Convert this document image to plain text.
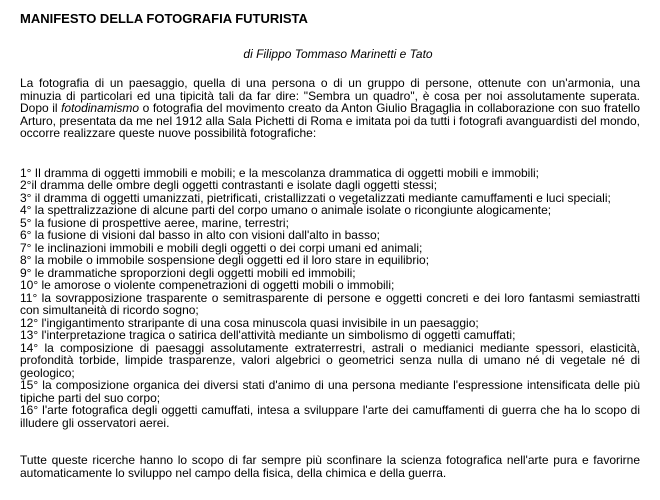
MANIFESTO DELLA FOTOGRAFIA FUTURISTA

di Filippo Tommaso Marinetti e Tato

La fotografia di un paesaggio, quella di una persona o di un gruppo di persone, ottenute con un'armonia, una minuzia di particolari ed una tipicità tali da far dire: "Sembra un quadro", è cosa per noi assolutamente superata. Dopo il fotodinamismo o fotografia del movimento creato da Anton Giulio Bragaglia in collaborazione con suo fratello Arturo, presentata da me nel 1912 alla Sala Pichetti di Roma e imitata poi da tutti i fotografi avanguardisti del mondo, occorre realizzare queste nuove possibilità fotografiche:

1° Il dramma di oggetti immobili e mobili; e la mescolanza drammatica di oggetti mobili e immobili;

2°il dramma delle ombre degli oggetti contrastanti e isolate dagli oggetti stessi;

3° il dramma di oggetti umanizzati, pietrificati, cristallizzati o vegetalizzati mediante camuffamenti e luci speciali;

4° la spettralizzazione di alcune parti del corpo umano o animale isolate o ricongiunte alogicamente;

5° la fusione di prospettive aeree, marine, terrestri;

6° la fusione di visioni dal basso in alto con visioni dall'alto in basso;

7° le inclinazioni immobili e mobili degli oggetti o dei corpi umani ed animali;

8° la mobile o immobile sospensione degli oggetti ed il loro stare in equilibrio;

9° le drammatiche sproporzioni degli oggetti mobili ed immobili;

10° le amorose o violente compenetrazioni di oggetti mobili o immobili;

11° la sovrapposizione trasparente o semitrasparente di persone e oggetti concreti e dei loro fantasmi semiastratti con simultaneità di ricordo sogno;

12° l'ingigantimento straripante di una cosa minuscola quasi invisibile in un paesaggio;

13° l'interpretazione tragica o satirica dell'attività mediante un simbolismo di oggetti camuffati;

14° la composizione di paesaggi assolutamente extraterrestri, astrali o medianici mediante spessori, elasticità, profondità torbide, limpide trasparenze, valori algebrici o geometrici senza nulla di umano né di vegetale né di geologico;

15° la composizione organica dei diversi stati d'animo di una persona mediante l'espressione intensificata delle più tipiche parti del suo corpo;

16° l'arte fotografica degli oggetti camuffati, intesa a sviluppare l'arte dei camuffamenti di guerra che ha lo scopo di illudere gli osservatori aerei.

Tutte queste ricerche hanno lo scopo di far sempre più sconfinare la scienza fotografica nell'arte pura e favorirne automaticamente lo sviluppo nel campo della fisica, della chimica e della guerra.
